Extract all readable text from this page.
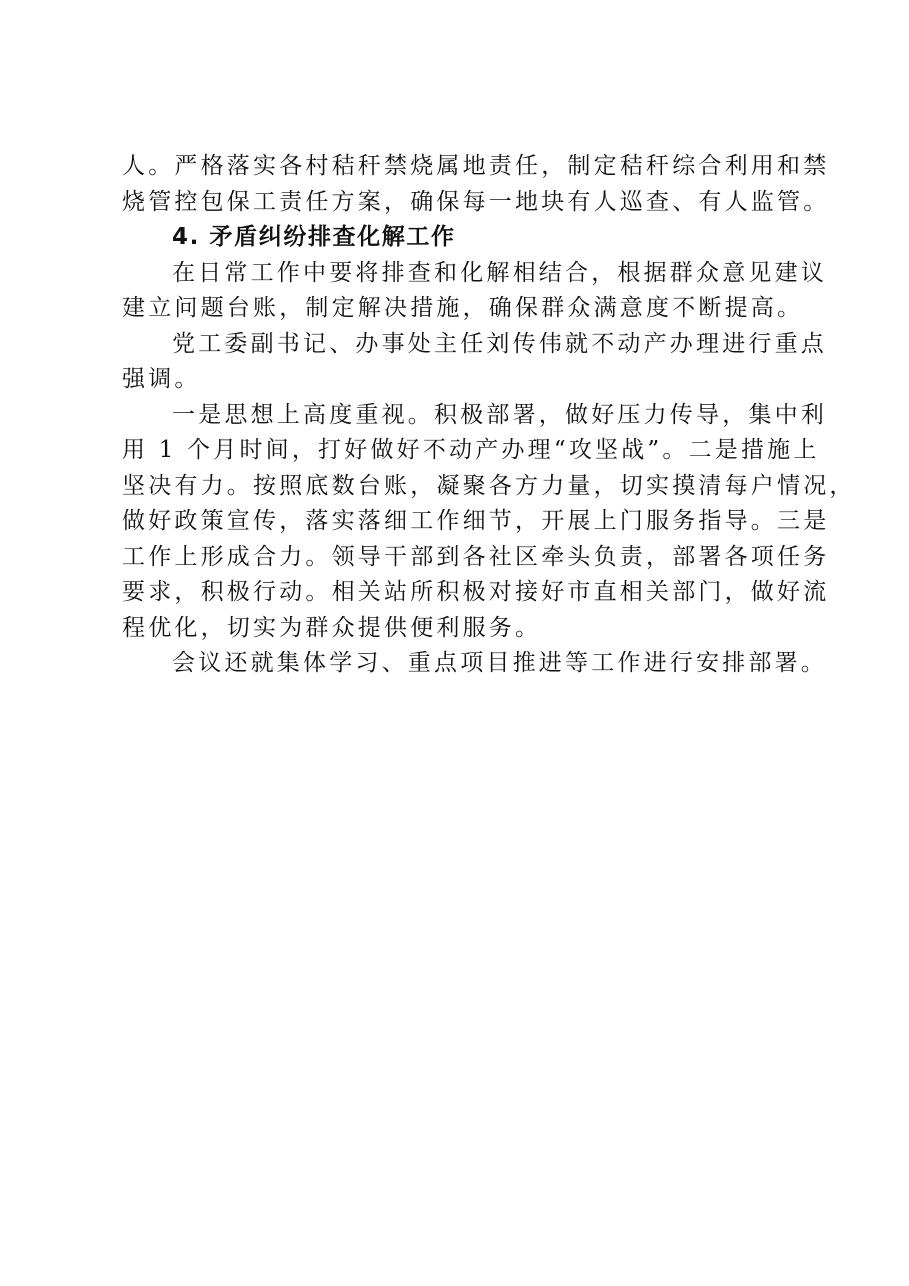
人。严格落实各村秸秆禁烧属地责任，制定秸秆综合利用和禁
烧管控包保工责任方案，确保每一地块有人巡查、有人监管。
4. 矛盾纠纷排查化解工作
在日常工作中要将排查和化解相结合，根据群众意见建议
建立问题台账，制定解决措施，确保群众满意度不断提高。
党工委副书记、办事处主任刘传伟就不动产办理进行重点
强调。
一是思想上高度重视。积极部署，做好压力传导，集中利
用 1 个月时间，打好做好不动产办理“攻坚战”。二是措施上
坚决有力。按照底数台账，凝聚各方力量，切实摸清每户情况，
做好政策宣传，落实落细工作细节，开展上门服务指导。三是
工作上形成合力。领导干部到各社区牵头负责，部署各项任务
要求，积极行动。相关站所积极对接好市直相关部门，做好流
程优化，切实为群众提供便利服务。
会议还就集体学习、重点项目推进等工作进行安排部署。
